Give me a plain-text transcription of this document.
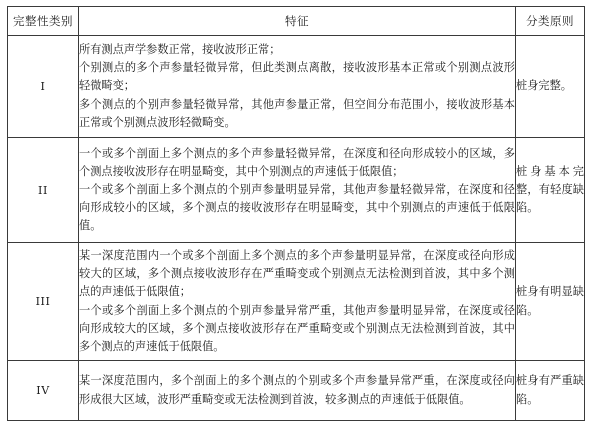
完整性类别	特征	分类原则
I	所有测点声学参数正常，接收波形正常；

个别测点的多个声参量轻微异常，但此类测点离散，接收波形基本正常或个别测点波形轻微畸变；

多个测点的个别声参量轻微异常，其他声参量正常，但空间分布范围小，接收波形基本正常或个别测点波形轻微畸变。	桩身完整。

II	一个或多个剖面上多个测点的多个声参量轻微异常，在深度和径向形成较小的区域，多个测点接收波形存在明显畸变，其中个别测点的声速低于低限值；

一个或多个剖面上多个测点的个别声参量明显异常，其他声参量轻微异常，在深度和径向形成较小的区域，多个测点的接收波形存在明显畸变，其中个别测点的声速低于低限值。	桩身基本完整，有轻度缺陷。

III	某一深度范围内一个或多个剖面上多个测点的多个声参量明显异常，在深度或径向形成较大的区域，多个测点接收波形存在严重畸变或个别测点无法检测到首波，其中多个测点的声速低于低限值；

一个或多个剖面上多个测点的个别声参量异常严重，其他声参量明显异常，在深度或径向形成较大的区域，多个测点接收波形存在严重畸变或个别测点无法检测到首波，其中多个测点的声速低于低限值。	桩身有明显缺陷。

IV	某一深度范围内，多个剖面上的多个测点的个别或多个声参量异常严重，在深度或径向形成很大区域，波形严重畸变或无法检测到首波，较多测点的声速低于低限值。	桩身有严重缺陷。
